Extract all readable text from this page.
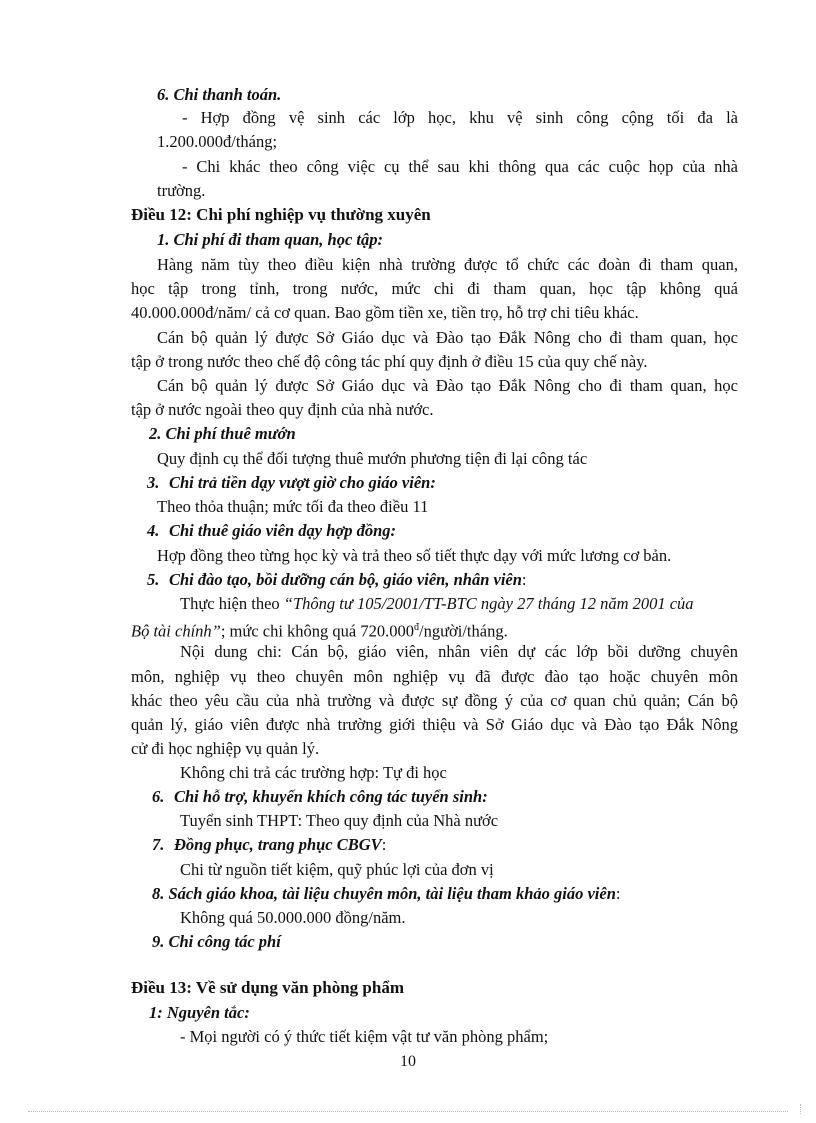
6. Chi thanh toán.
- Hợp đồng vệ sinh các lớp học, khu vệ sinh công cộng tối đa là
1.200.000đ/tháng;
- Chi khác theo công việc cụ thể sau khi thông qua các cuộc họp của nhà
trường.
Điều 12: Chi phí nghiệp vụ thường xuyên
1. Chi phí đi tham quan, học tập:
Hàng năm tùy theo điều kiện nhà trường được tổ chức các đoàn đi tham quan,
học tập trong tỉnh, trong nước, mức chi đi tham quan, học tập không quá
40.000.000đ/năm/ cả cơ quan. Bao gồm tiền xe, tiền trọ, hỗ trợ chi tiêu khác.
Cán bộ quản lý được Sở Giáo dục và Đào tạo Đắk Nông cho đi tham quan, học
tập ở trong nước theo chế độ công tác phí quy định ở điều 15 của quy chế này.
Cán bộ quản lý được Sở Giáo dục và Đào tạo Đắk Nông cho đi tham quan, học
tập ở nước ngoài theo quy định của nhà nước.
2. Chi phí thuê mướn
Quy định cụ thể đối tượng thuê mướn phương tiện đi lại công tác
3. Chi trả tiền dạy vượt giờ cho giáo viên:
Theo thỏa thuận; mức tối đa theo điều 11
4. Chi thuê giáo viên dạy hợp đồng:
Hợp đồng theo từng học kỳ và trả theo số tiết thực dạy với mức lương cơ bản.
5. Chi đào tạo, bồi dưỡng cán bộ, giáo viên, nhân viên:
Thực hiện theo “Thông tư 105/2001/TT-BTC ngày 27 tháng 12 năm 2001 của
Bộ tài chính”; mức chi không quá $720.000^đ/người$/tháng.
Nội dung chi: Cán bộ, giáo viên, nhân viên dự các lớp bồi dưỡng chuyên
môn, nghiệp vụ theo chuyên môn nghiệp vụ đã được đào tạo hoặc chuyên môn
khác theo yêu cầu của nhà trường và được sự đồng ý của cơ quan chủ quản; Cán bộ
quản lý, giáo viên được nhà trường giới thiệu và Sở Giáo dục và Đào tạo Đắk Nông
cử đi học nghiệp vụ quản lý.
Không chi trả các trường hợp: Tự đi học
6. Chi hỗ trợ, khuyến khích công tác tuyển sinh:
Tuyển sinh THPT: Theo quy định của Nhà nước
7. Đồng phục, trang phục CBGV:
Chi từ nguồn tiết kiệm, quỹ phúc lợi của đơn vị
8. Sách giáo khoa, tài liệu chuyên môn, tài liệu tham khảo giáo viên:
Không quá 50.000.000 đồng/năm.
9. Chi công tác phí
Điều 13: Về sử dụng văn phòng phẩm
1: Nguyên tắc:
- Mọi người có ý thức tiết kiệm vật tư văn phòng phẩm;
10
